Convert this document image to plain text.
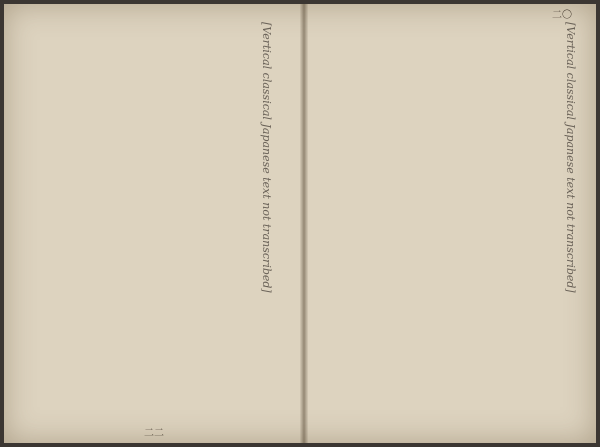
[Vertical classical Japanese text not transcribed]
二二
[Vertical classical Japanese text not transcribed]
二〇
